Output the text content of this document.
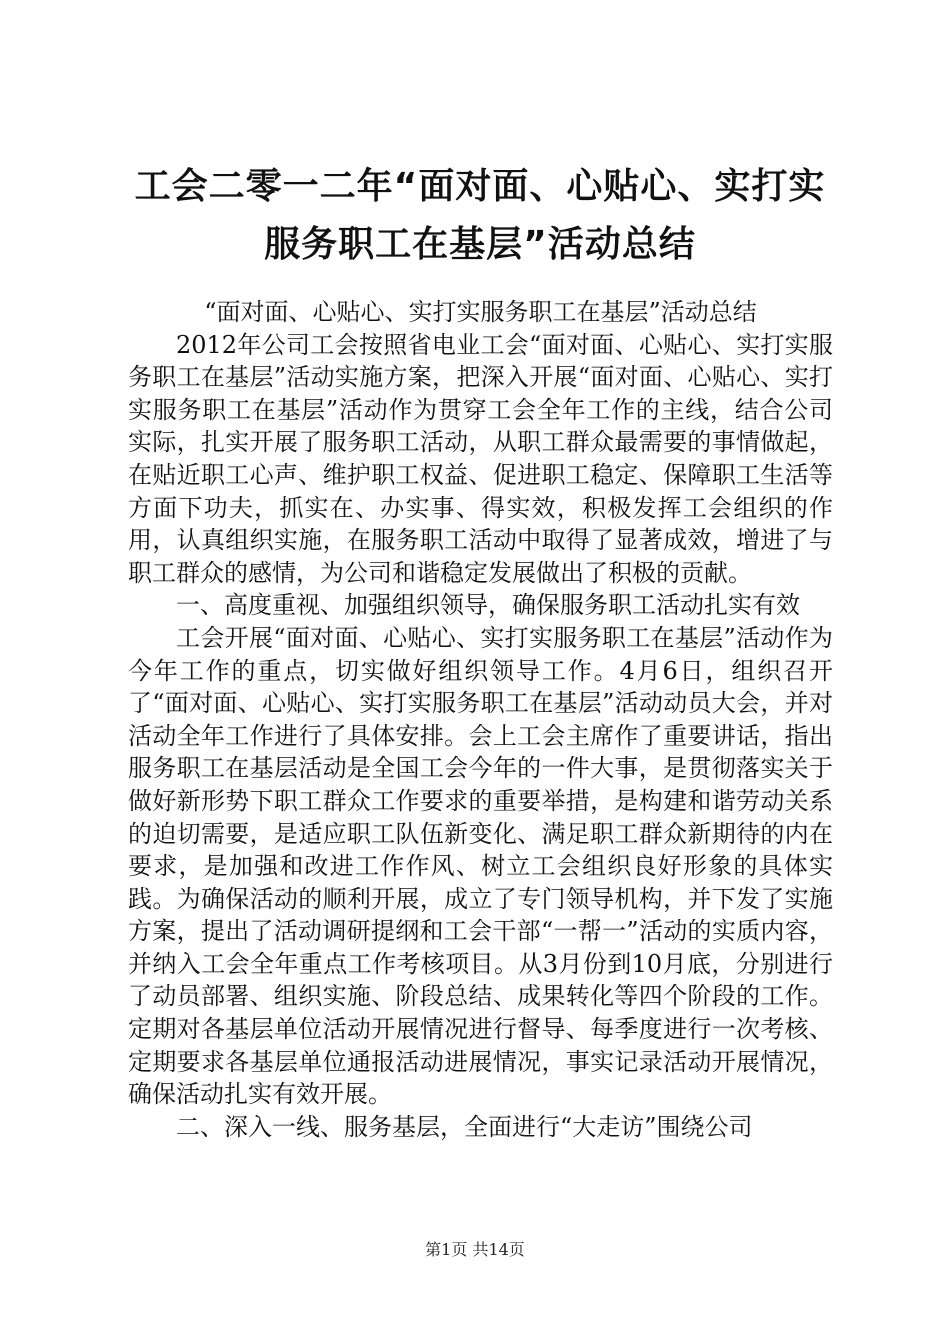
工会二零一二年“面对面、心贴心、实打实服务职工在基层”活动总结

“面对面、心贴心、实打实服务职工在基层”活动总结

2012年公司工会按照省电业工会“面对面、心贴心、实打实服务职工在基层”活动实施方案，把深入开展“面对面、心贴心、实打实服务职工在基层”活动作为贯穿工会全年工作的主线，结合公司实际，扎实开展了服务职工活动，从职工群众最需要的事情做起，在贴近职工心声、维护职工权益、促进职工稳定、保障职工生活等方面下功夫，抓实在、办实事、得实效，积极发挥工会组织的作用，认真组织实施，在服务职工活动中取得了显著成效，增进了与职工群众的感情，为公司和谐稳定发展做出了积极的贡献。

一、高度重视、加强组织领导，确保服务职工活动扎实有效

工会开展“面对面、心贴心、实打实服务职工在基层”活动作为今年工作的重点，切实做好组织领导工作。4月6日，组织召开了“面对面、心贴心、实打实服务职工在基层”活动动员大会，并对活动全年工作进行了具体安排。会上工会主席作了重要讲话，指出服务职工在基层活动是全国工会今年的一件大事，是贯彻落实关于做好新形势下职工群众工作要求的重要举措，是构建和谐劳动关系的迫切需要，是适应职工队伍新变化、满足职工群众新期待的内在要求，是加强和改进工作作风、树立工会组织良好形象的具体实践。为确保活动的顺利开展，成立了专门领导机构，并下发了实施方案，提出了活动调研提纲和工会干部“一帮一”活动的实质内容，并纳入工会全年重点工作考核项目。从3月份到10月底，分别进行了动员部署、组织实施、阶段总结、成果转化等四个阶段的工作。定期对各基层单位活动开展情况进行督导、每季度进行一次考核、定期要求各基层单位通报活动进展情况，事实记录活动开展情况，确保活动扎实有效开展。

二、深入一线、服务基层，全面进行“大走访”围绕公司

第1页 共14页
